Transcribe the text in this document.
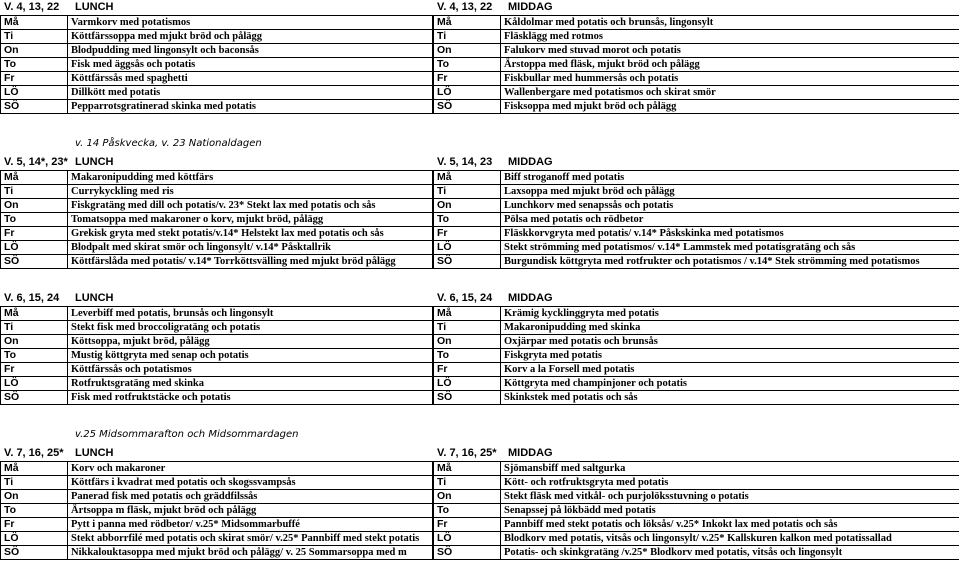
V. 4, 13, 22 LUNCH	V. 4, 13, 22 MIDDAG
Må	Varmkorv med potatismos
Ti	Köttfärssoppa med mjukt bröd och pålägg
On	Blodpudding med lingonsylt och baconsås
To	Fisk med äggsås och potatis
Fr	Köttfärssås med spaghetti
LÖ	Dillkött med potatis
SÖ	Pepparrotsgratinerad skinka med potatis
Må	Kåldolmar med potatis och brunsås, lingonsylt
Ti	Fläsklägg med rotmos
On	Falukorv med stuvad morot och potatis
To	Ärstoppa med fläsk, mjukt bröd och pålägg
Fr	Fiskbullar med hummersås och potatis
LÖ	Wallenbergare med potatismos och skirat smör
SÖ	Fisksoppa med mjukt bröd och pålägg
v. 14 Påskvecka, v. 23 Nationaldagen
V. 5, 14*, 23* LUNCH	V. 5, 14, 23 MIDDAG
Må	Makaronipudding med köttfärs
Ti	Currykyckling med ris
On	Fiskgratäng med dill och potatis/v. 23* Stekt lax med potatis och sås
To	Tomatsoppa med makaroner o korv, mjukt bröd, pålägg
Fr	Grekisk gryta med stekt potatis/v.14* Helstekt lax med potatis och sås
LÖ	Blodpalt med skirat smör och lingonsylt/ v.14* Påsktallrik
SÖ	Köttfärslåda med potatis/ v.14* Torrköttsvälling med mjukt bröd pålägg
Må	Biff stroganoff med potatis
Ti	Laxsoppa med mjukt bröd och pålägg
On	Lunchkorv med senapssås och potatis
To	Pölsa med potatis och rödbetor
Fr	Fläskkorvgryta med potatis/ v.14* Påskskinka med potatismos
LÖ	Stekt strömming med potatismos/ v.14* Lammstek med potatisgratäng och sås
SÖ	Burgundisk köttgryta med rotfrukter och potatismos / v.14* Stek strömming med potatismos
V. 6, 15, 24 LUNCH	V. 6, 15, 24 MIDDAG
Må	Leverbiff med potatis, brunsås och lingonsylt
Ti	Stekt fisk med broccoligratäng och potatis
On	Köttsoppa, mjukt bröd, pålägg
To	Mustig köttgryta med senap och potatis
Fr	Köttfärssås och potatismos
LÖ	Rotfruktsgratäng med skinka
SÖ	Fisk med rotfruktstäcke och potatis
Må	Krämig kycklinggryta med potatis
Ti	Makaronipudding med skinka
On	Oxjärpar med potatis och brunsås
To	Fiskgryta med potatis
Fr	Korv a la Forsell med potatis
LÖ	Köttgryta med champinjoner och potatis
SÖ	Skinkstek med potatis och sås
v.25 Midsommarafton och Midsommardagen
V. 7, 16, 25* LUNCH	V. 7, 16, 25* MIDDAG
Må	Korv och makaroner
Ti	Köttfärs i kvadrat med potatis och skogssvampsås
On	Panerad fisk med potatis och gräddfilssås
To	Ärtsoppa m fläsk, mjukt bröd och pålägg
Fr	Pytt i panna med rödbetor/ v.25* Midsommarbuffé
LÖ	Stekt abborrfilé med potatis och skirat smör/ v.25* Pannbiff med stekt potatis
SÖ	Nikkalouktasoppa med mjukt bröd och pålägg/ v. 25 Sommarsoppa med m
Må	Sjömansbiff med saltgurka
Ti	Kött- och rotfruktsgryta med potatis
On	Stekt fläsk med vitkål- och purjolöksstuvning o potatis
To	Senapssej på lökbädd med potatis
Fr	Pannbiff med stekt potatis och löksås/ v.25* Inkokt lax med potatis och sås
LÖ	Blodkorv med potatis, vitsås och lingonsylt/ v.25* Kallskuren kalkon med potatissallad
SÖ	Potatis- och skinkgratäng /v.25* Blodkorv med potatis, vitsås och lingonsylt
